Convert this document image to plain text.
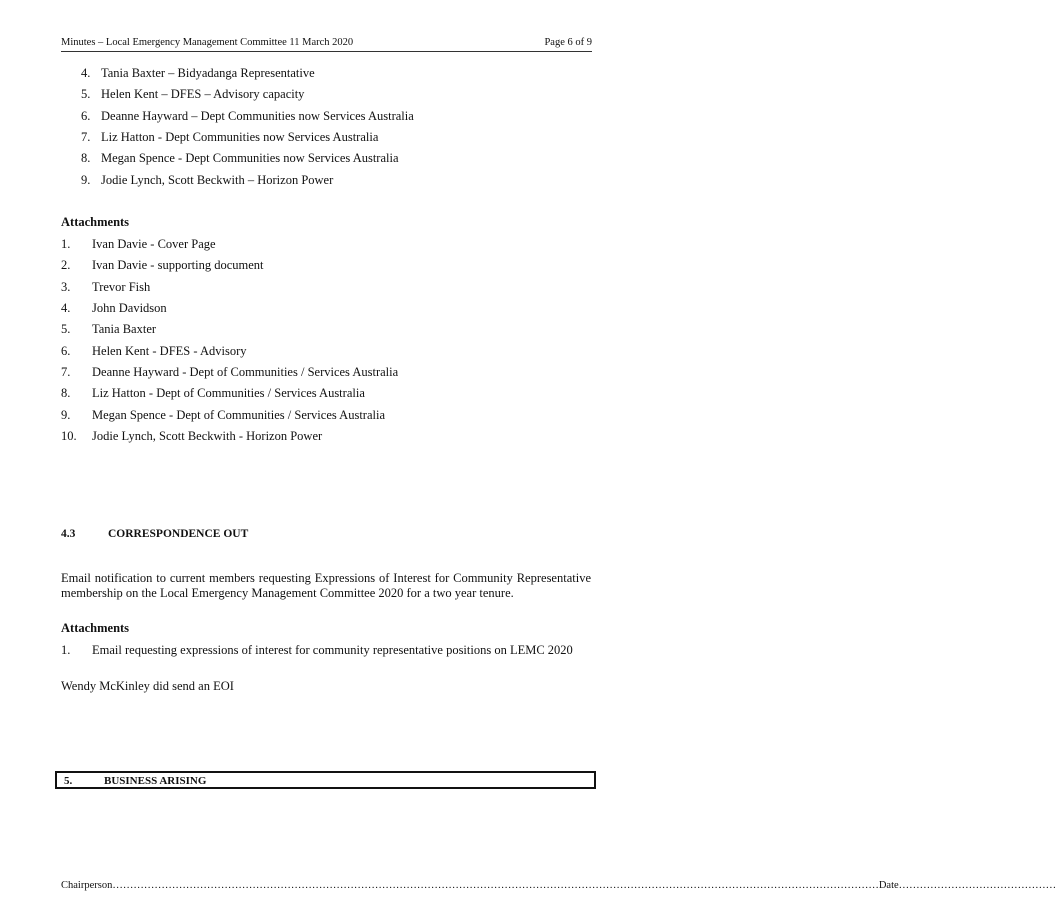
Minutes – Local Emergency Management Committee 11 March 2020	Page 6 of 9
4. Tania Baxter – Bidyadanga Representative
5. Helen Kent – DFES – Advisory capacity
6. Deanne Hayward – Dept Communities now Services Australia
7. Liz Hatton - Dept Communities now Services Australia
8. Megan Spence - Dept Communities now Services Australia
9. Jodie Lynch, Scott Beckwith – Horizon Power
Attachments
1. Ivan Davie - Cover Page
2. Ivan Davie - supporting document
3. Trevor Fish
4. John Davidson
5. Tania Baxter
6. Helen Kent - DFES - Advisory
7. Deanne Hayward - Dept of Communities / Services Australia
8. Liz Hatton - Dept of Communities / Services Australia
9. Megan Spence - Dept of Communities / Services Australia
10. Jodie Lynch, Scott Beckwith - Horizon Power
4.3	CORRESPONDENCE OUT
Email notification to current members requesting Expressions of Interest for Community Representative membership on the Local Emergency Management Committee 2020 for a two year tenure.
Attachments
1. Email requesting expressions of interest for community representative positions on LEMC 2020
Wendy McKinley did send an EOI
5.	BUSINESS ARISING
Chairperson…………………………………………………………………………………………………………………………………………………………………………………………………Date………………………………………
